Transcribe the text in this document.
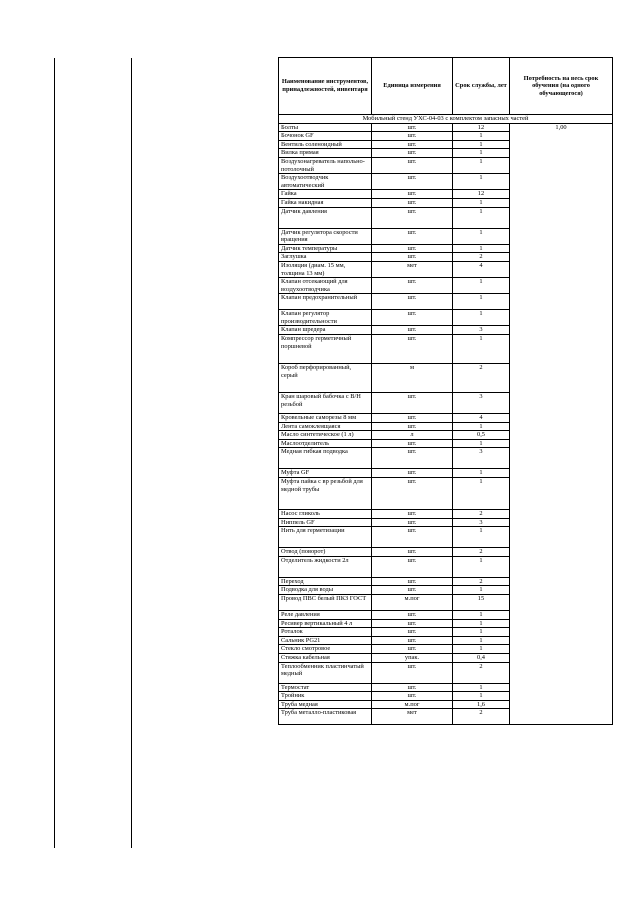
Наименование инструментов, принадлежностей, инвентаря	Единица измерения	Срок службы, лет	Потребность на весь срок обучения (на одного обучающегося)
Мобильный стенд УХС-04-03 с комплектом запасных частей			
Болты	шт.	12	1,00
Бочонок GF	шт.	1	
Вентиль соленоидный	шт.	1	
Вилка прямая	шт.	1	
Воздухонагреватель напольно-потолочный	шт.	1	
Воздухоотводчик автоматический	шт.	1	
Гайка	шт.	12	
Гайка накидная	шт.	1	
Датчик давления	шт.	1	
Датчик регулятора скорости вращения	шт.	1	
Датчик температуры	шт.	1	
Заглушка	шт.	2	
Изоляция (диам. 15 мм, толщина 13 мм)	мет	4	
Клапан отсекающий для воздухоотводчика	шт.	1	
Клапан предохранительный	шт.	1	
Клапан регулятор производительности	шт.	1	
Клапан шредера	шт.	3	
Компрессор герметичный поршневой	шт.	1	
Короб перфорированный, серый	м	2	
Кран шаровый бабочка с В/Н резьбой	шт.	3	
Кровельные саморезы 8 мм	шт.	4	
Лента самоклеящаяся	шт.	1	
Масло синтетическое (1 л)	л	0,5	
Маслоотделитель	шт.	1	
Медная гибкая подводка	шт.	3	
Муфта GF	шт.	1	
Муфта пайка с вр резьбой для медной трубы	шт.	1	
Насос гликоль	шт.	2	
Ниппель GF	шт.	3	
Нить для герметизации	шт.	1	
Отвод (поворот)	шт.	2	
Отделитель жидкости 2л	шт.	1	
Переход	шт.	2	
Подводка для воды	шт.	1	
Провод ПВС белый ПКЗ ГОСТ	м.пог	15	
Реле давления	шт.	1	
Ресивер вертикальный 4 л	шт.	1	
Роталок	шт.	1	
Сальник PG21	шт.	1	
Стекло смотровое	шт.	1	
Стяжка кабельная	упак.	0,4	
Теплообменник пластинчатый медный	шт.	2	
Термостат	шт.	1	
Тройник	шт.	1	
Труба медная	м.пог	1,6	
Труба металло-пластиковая	мет	2	
